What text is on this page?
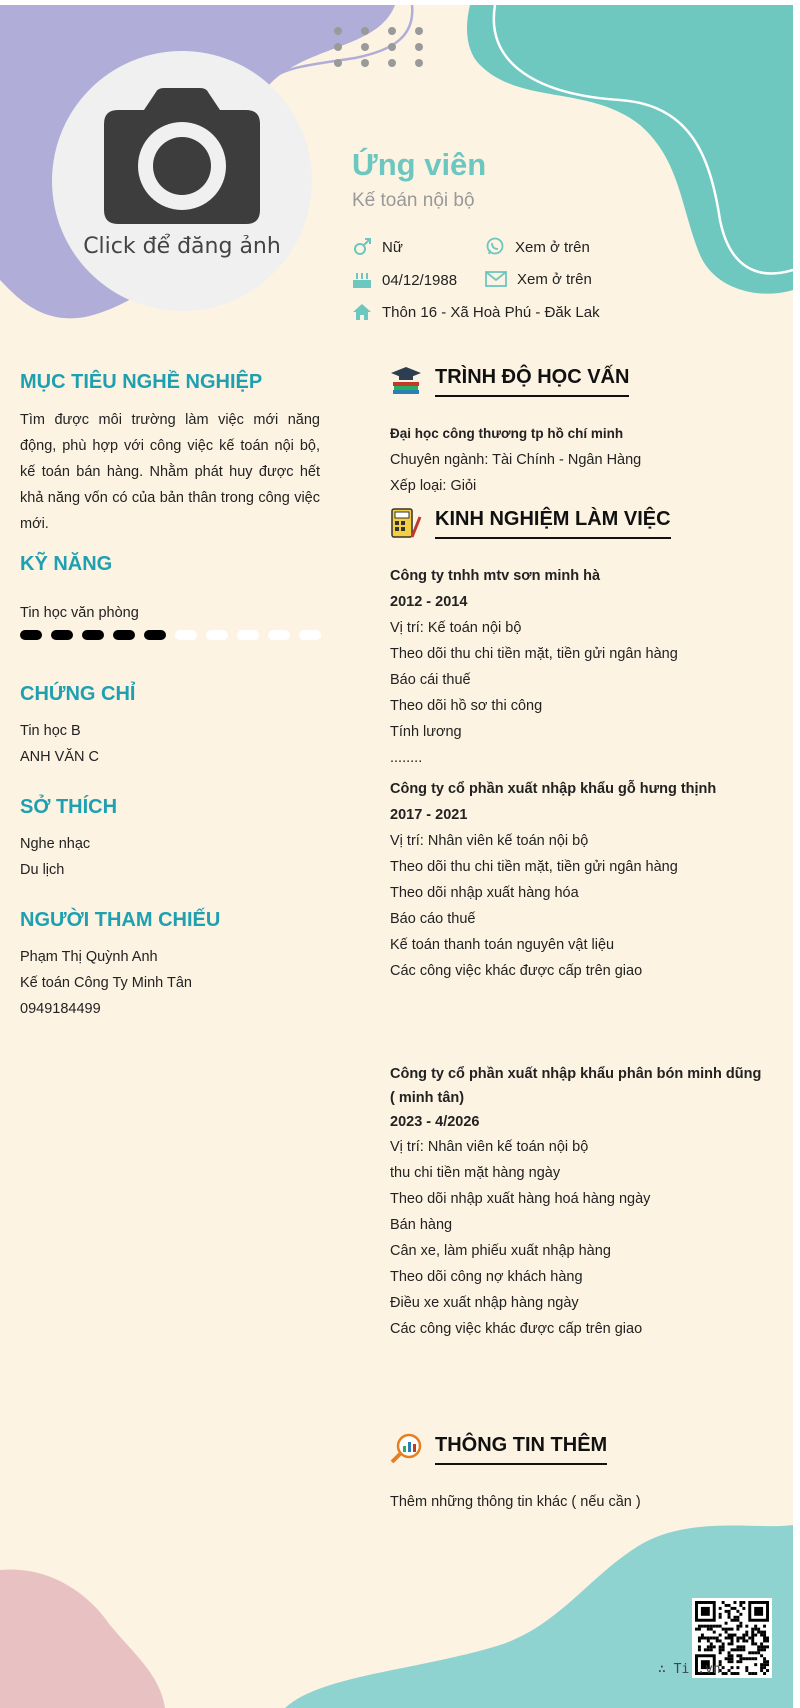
Click để đăng ảnh
Ứng viên
Kế toán nội bộ
Nữ	Xem ở trên
04/12/1988	Xem ở trên
Thôn 16 - Xã Hoà Phú - Đăk Lak
MỤC TIÊU NGHỀ NGHIỆP
Tìm được môi trường làm việc mới năng động, phù hợp với công việc kế toán nội bộ, kế toán bán hàng. Nhằm phát huy được hết khả năng vốn có của bản thân trong công việc mới.
KỸ NĂNG
Tin học văn phòng
CHỨNG CHỈ
Tin học B
ANH VĂN C
SỞ THÍCH
Nghe nhạc
Du lịch
NGƯỜI THAM CHIẾU
Phạm Thị Quỳnh Anh
Kế toán Công Ty Minh Tân
0949184499
TRÌNH ĐỘ HỌC VẤN
Đại học công thương tp hồ chí minh
Chuyên ngành: Tài Chính - Ngân Hàng
Xếp loại: Giỏi
KINH NGHIỆM LÀM VIỆC
Công ty tnhh mtv sơn minh hà
2012 - 2014
Vị trí: Kế toán nội bộ
Theo dõi thu chi tiền mặt, tiền gửi ngân hàng
Báo cái thuế
Theo dõi hồ sơ thi công
Tính lương
........
Công ty cổ phần xuất nhập khẩu gỗ hưng thịnh
2017 - 2021
Vị trí: Nhân viên kế toán nội bộ
Theo dõi thu chi tiền mặt, tiền gửi ngân hàng
Theo dõi nhập xuất hàng hóa
Báo cáo thuế
Kế toán thanh toán nguyên vật liệu
Các công việc khác được cấp trên giao
Công ty cổ phần xuất nhập khẩu phân bón minh dũng ( minh tân)
2023 - 4/2026
Vị trí: Nhân viên kế toán nội bộ
thu chi tiền mặt hàng ngày
Theo dõi nhập xuất hàng hoá hàng ngày
Bán hàng
Cân xe, làm phiếu xuất nhập hàng
Theo dõi công nợ khách hàng
Điều xe xuất nhập hàng ngày
Các công việc khác được cấp trên giao
THÔNG TIN THÊM
Thêm những thông tin khác ( nếu cần )
∴ Ti .vn
